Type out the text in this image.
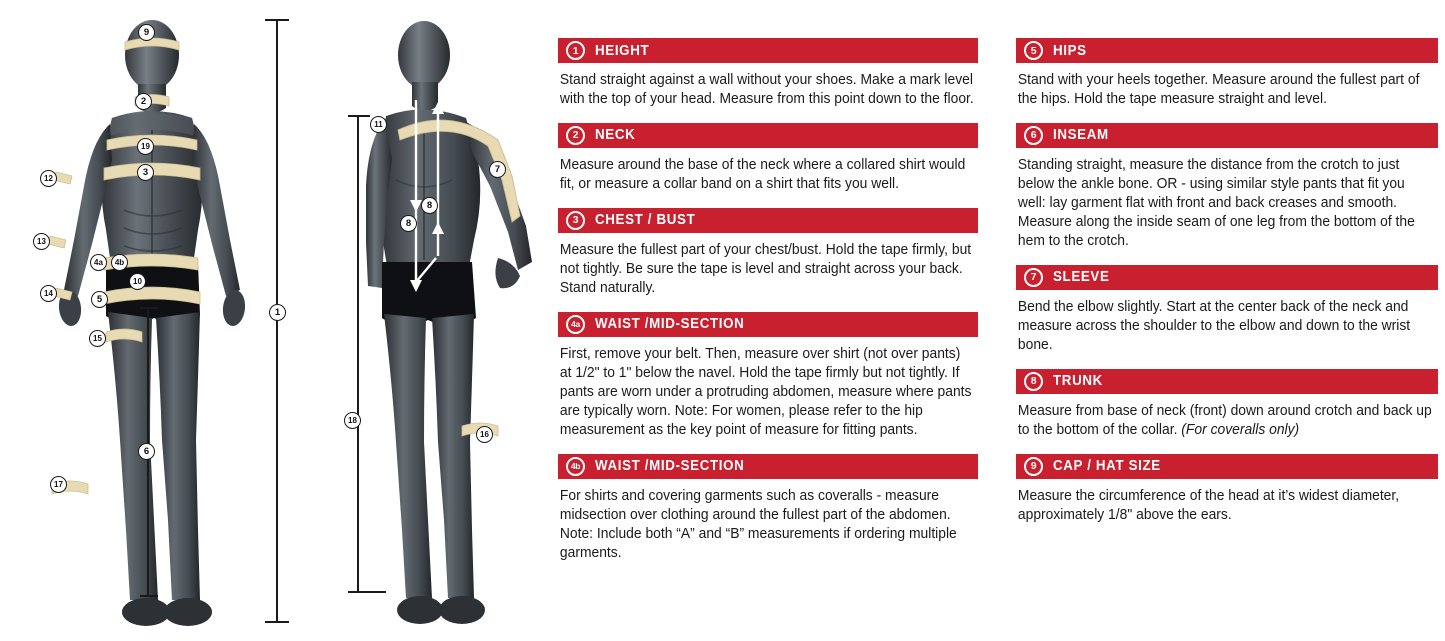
9
2
19
3
12
13
4a	4b
14
10
5
15
6
17
1
11
7
8
8
18
16
1	HEIGHT
Stand straight against a wall without your shoes. Make a mark level with the top of your head. Measure from this point down to the floor.
2	NECK
Measure around the base of the neck where a collared shirt would fit, or measure a collar band on a shirt that fits you well.
3	CHEST / BUST
Measure the fullest part of your chest/bust. Hold the tape firmly, but not tightly. Be sure the tape is level and straight across your back. Stand naturally.
4a	WAIST /MID-SECTION
First, remove your belt. Then, measure over shirt (not over pants) at 1/2" to 1" below the navel. Hold the tape firmly but not tightly. If pants are worn under a protruding abdomen, measure where pants are typically worn. Note: For women, please refer to the hip measurement as the key point of measure for fitting pants.
4b	WAIST /MID-SECTION
For shirts and covering garments such as coveralls - measure midsection over clothing around the fullest part of the abdomen. Note: Include both “A” and “B” measurements if ordering multiple garments.
5	HIPS
Stand with your heels together. Measure around the fullest part of the hips. Hold the tape measure straight and level.
6	INSEAM
Standing straight, measure the distance from the crotch to just below the ankle bone. OR - using similar style pants that fit you well: lay garment flat with front and back creases and smooth. Measure along the inside seam of one leg from the bottom of the hem to the crotch.
7	SLEEVE
Bend the elbow slightly. Start at the center back of the neck and measure across the shoulder to the elbow and down to the wrist bone.
8	TRUNK
Measure from base of neck (front) down around crotch and back up to the bottom of the collar. (For coveralls only)
9	CAP / HAT SIZE
Measure the circumference of the head at it’s widest diameter, approximately 1/8" above the ears.
